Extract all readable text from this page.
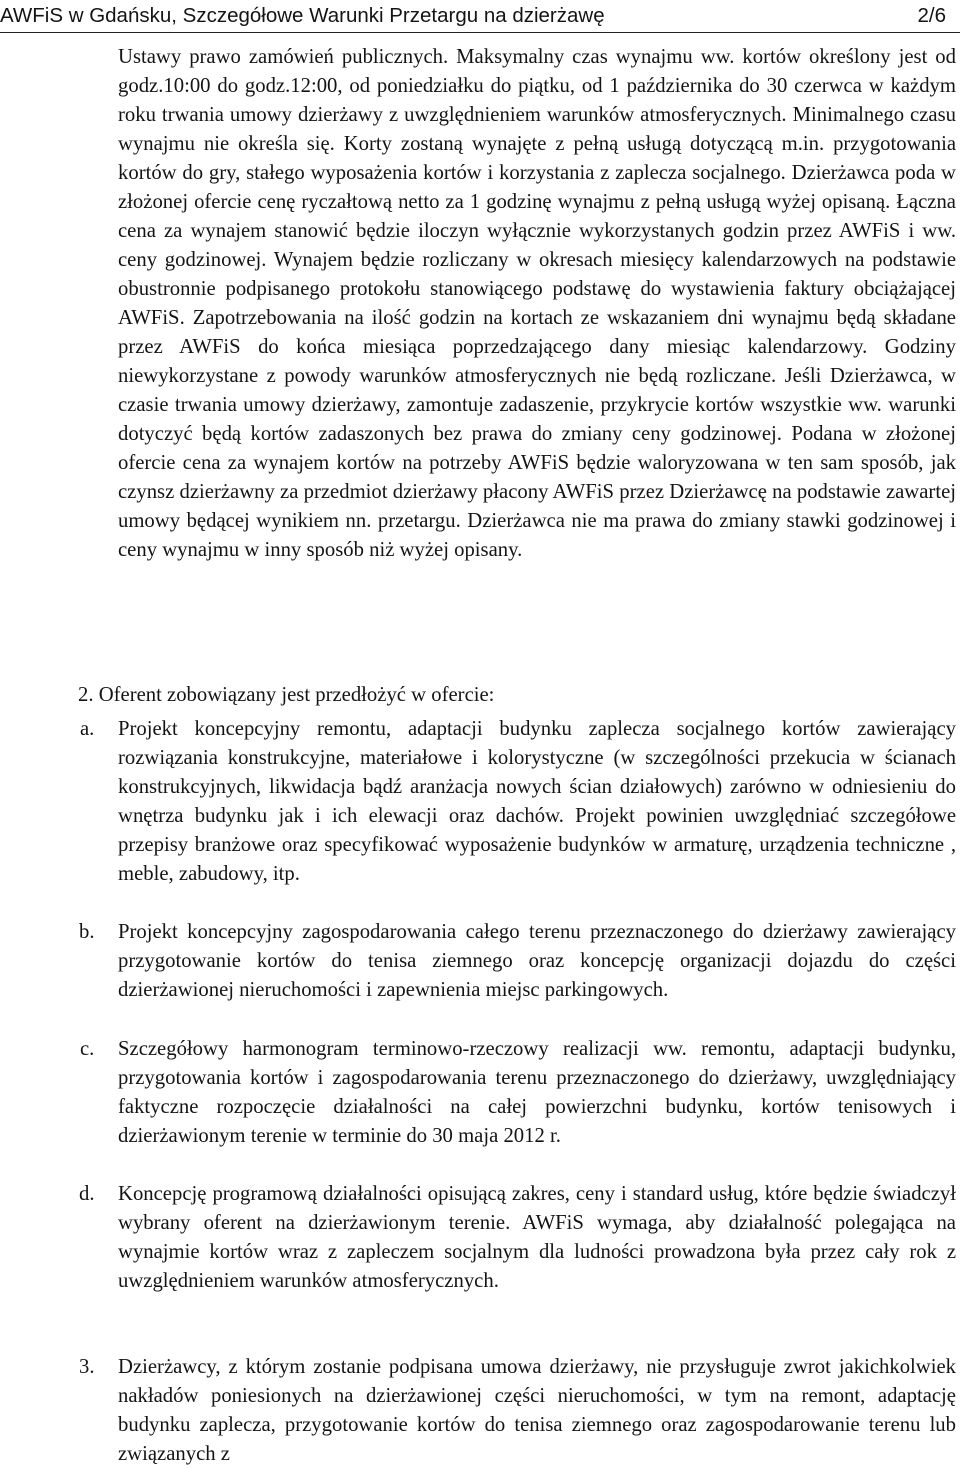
AWFiS w Gdańsku, Szczegółowe Warunki Przetargu na dzierżawę	2/6
Ustawy prawo zamówień publicznych. Maksymalny czas wynajmu ww. kortów określony jest od godz.10:00 do godz.12:00, od poniedziałku do piątku, od 1 października do 30 czerwca w każdym roku trwania umowy dzierżawy z uwzględnieniem warunków atmosferycznych. Minimalnego czasu wynajmu nie określa się. Korty zostaną wynajęte z pełną usługą dotyczącą m.in. przygotowania kortów do gry, stałego wyposażenia kortów i korzystania z zaplecza socjalnego. Dzierżawca poda w złożonej ofercie cenę ryczałtową netto za 1 godzinę wynajmu z pełną usługą wyżej opisaną. Łączna cena za wynajem stanowić będzie iloczyn wyłącznie wykorzystanych godzin przez AWFiS i ww. ceny godzinowej. Wynajem będzie rozliczany w okresach miesięcy kalendarzowych na podstawie obustronnie podpisanego protokołu stanowiącego podstawę do wystawienia faktury obciążającej AWFiS. Zapotrzebowania na ilość godzin na kortach ze wskazaniem dni wynajmu będą składane przez AWFiS do końca miesiąca poprzedzającego dany miesiąc kalendarzowy. Godziny niewykorzystane z powody warunków atmosferycznych nie będą rozliczane. Jeśli Dzierżawca, w czasie trwania umowy dzierżawy, zamontuje zadaszenie, przykrycie kortów wszystkie ww. warunki dotyczyć będą kortów zadaszonych bez prawa do zmiany ceny godzinowej. Podana w złożonej ofercie cena za wynajem kortów na potrzeby AWFiS będzie waloryzowana w ten sam sposób, jak czynsz dzierżawny za przedmiot dzierżawy płacony AWFiS przez Dzierżawcę na podstawie zawartej umowy będącej wynikiem nn. przetargu. Dzierżawca nie ma prawa do zmiany stawki godzinowej i ceny wynajmu w inny sposób niż wyżej opisany.
2. Oferent zobowiązany jest przedłożyć w ofercie:
a. Projekt koncepcyjny remontu, adaptacji budynku zaplecza socjalnego kortów zawierający rozwiązania konstrukcyjne, materiałowe i kolorystyczne (w szczególności przekucia w ścianach konstrukcyjnych, likwidacja bądź aranżacja nowych ścian działowych) zarówno w odniesieniu do wnętrza budynku jak i ich elewacji oraz dachów. Projekt powinien uwzględniać szczegółowe przepisy branżowe oraz specyfikować wyposażenie budynków w armaturę, urządzenia techniczne , meble, zabudowy, itp.
b. Projekt koncepcyjny zagospodarowania całego terenu przeznaczonego do dzierżawy zawierający przygotowanie kortów do tenisa ziemnego oraz koncepcję organizacji dojazdu do części dzierżawionej nieruchomości i zapewnienia miejsc parkingowych.
c. Szczegółowy harmonogram terminowo-rzeczowy realizacji ww. remontu, adaptacji budynku, przygotowania kortów i zagospodarowania terenu przeznaczonego do dzierżawy, uwzględniający faktyczne rozpoczęcie działalności na całej powierzchni budynku, kortów tenisowych i dzierżawionym terenie w terminie do 30 maja 2012 r.
d. Koncepcję programową działalności opisującą zakres, ceny i standard usług, które będzie świadczył wybrany oferent na dzierżawionym terenie. AWFiS wymaga, aby działalność polegająca na wynajmie kortów wraz z zapleczem socjalnym dla ludności prowadzona była przez cały rok z uwzględnieniem warunków atmosferycznych.
3. Dzierżawcy, z którym zostanie podpisana umowa dzierżawy, nie przysługuje zwrot jakichkolwiek nakładów poniesionych na dzierżawionej części nieruchomości, w tym na remont, adaptację budynku zaplecza, przygotowanie kortów do tenisa ziemnego oraz zagospodarowanie terenu lub związanych z
